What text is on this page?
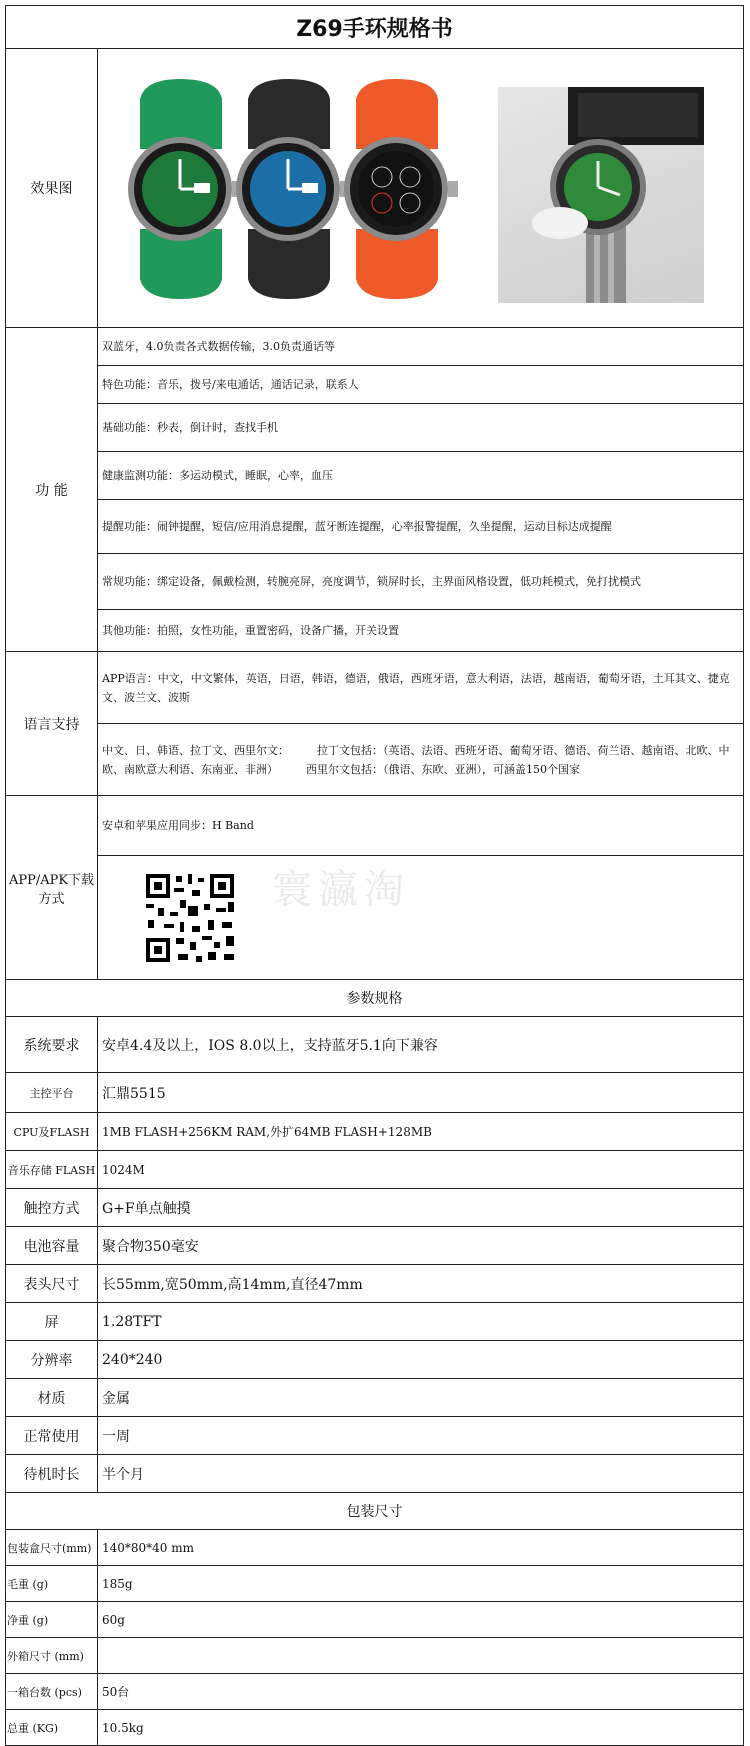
Z69手环规格书	
效果图	

功 能	双蓝牙，4.0负责各式数据传输，3.0负责通话等
	特色功能：音乐，拨号/来电通话，通话记录，联系人
	基础功能：秒表，倒计时，查找手机
	健康监测功能：多运动模式，睡眠，心率，血压
	提醒功能：闹钟提醒，短信/应用消息提醒，蓝牙断连提醒，心率报警提醒，久坐提醒，运动目标达成提醒
	常规功能：绑定设备，佩戴检测，转腕亮屏，亮度调节，锁屏时长，主界面风格设置，低功耗模式，免打扰模式
	其他功能：拍照，女性功能，重置密码，设备广播，开关设置
语言支持	APP语言：中文，中文繁体，英语，日语，韩语，德语，俄语，西班牙语，意大利语，法语，越南语，葡萄牙语，土耳其文、捷克文、波兰文、波斯
	中文、日、韩语、拉丁文、西里尔文：        拉丁文包括：（英语、法语、西班牙语、葡萄牙语、德语、荷兰语、越南语、北欧、中欧、南欧意大利语、东南亚、非洲）        西里尔文包括：（俄语、东欧、亚洲），可涵盖150个国家
APP/APK下载方式	安卓和苹果应用同步：H Band

	寰瀛淘

参数规格	
系统要求	安卓4.4及以上，IOS 8.0以上，支持蓝牙5.1向下兼容
主控平台	汇鼎5515
CPU及FLASH	1MB FLASH+256KM RAM,外扩64MB FLASH+128MB
音乐存储 FLASH	1024M
触控方式	G+F单点触摸
电池容量	聚合物350毫安
表头尺寸	长55mm,宽50mm,高14mm,直径47mm
屏	1.28TFT
分辨率	240*240
材质	金属
正常使用	一周
待机时长	半个月
包装尺寸	
包装盒尺寸(mm)	140*80*40 mm
毛重 (g)	185g
净重 (g)	60g
外箱尺寸 (mm)	
一箱台数 (pcs)	50台
总重 (KG)	10.5kg
